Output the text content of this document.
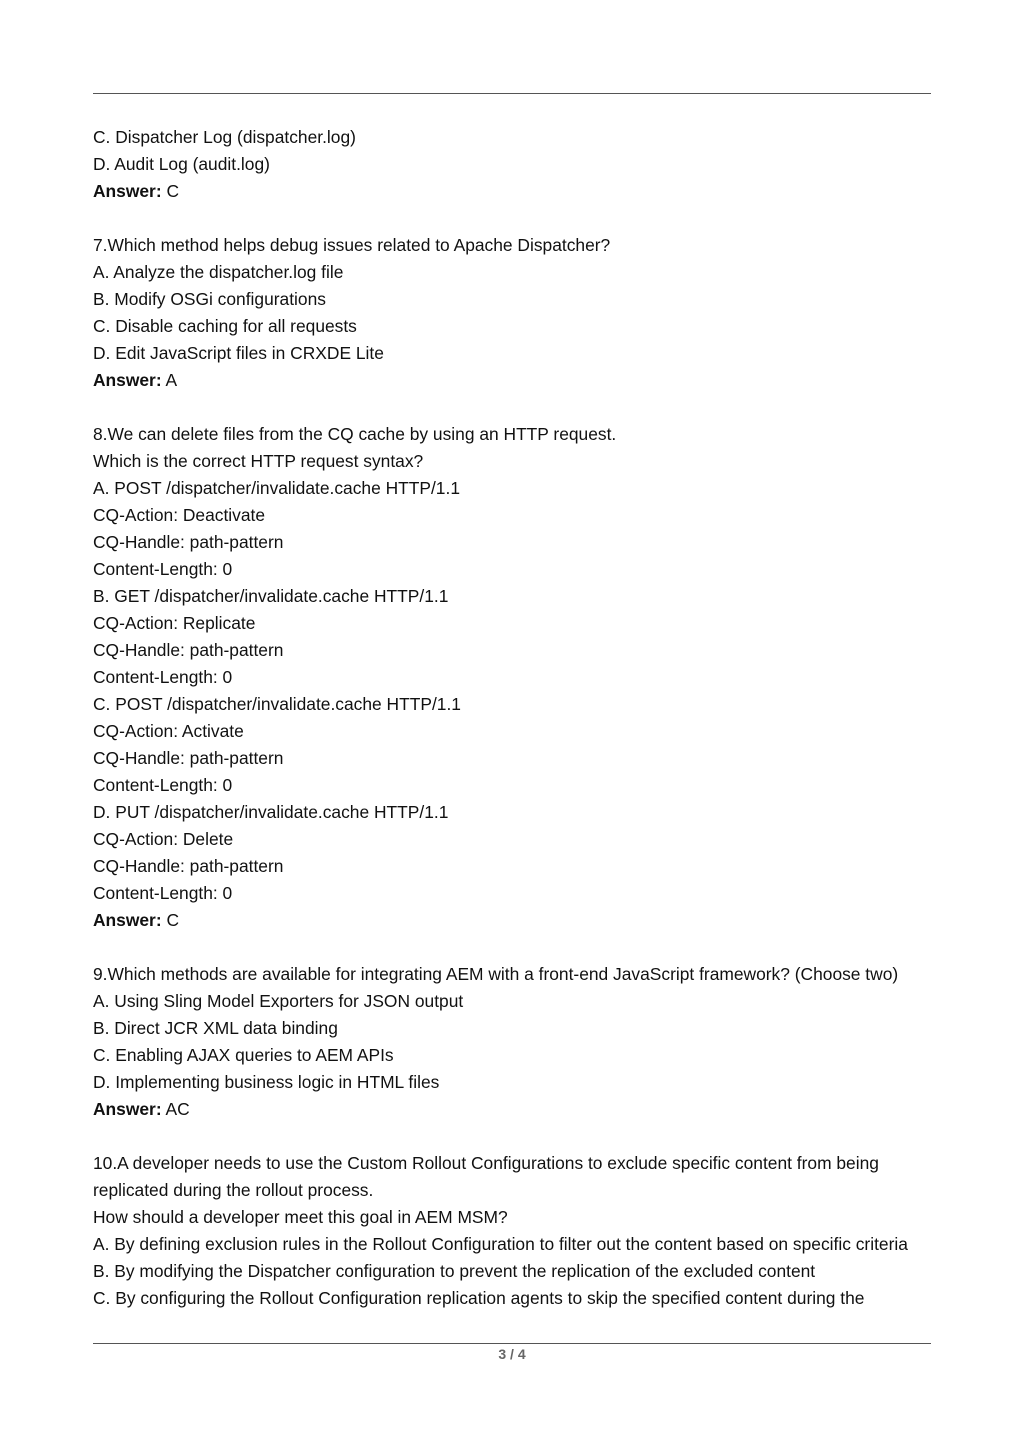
C. Dispatcher Log (dispatcher.log)
D. Audit Log (audit.log)
Answer: C
7.Which method helps debug issues related to Apache Dispatcher?
A. Analyze the dispatcher.log file
B. Modify OSGi configurations
C. Disable caching for all requests
D. Edit JavaScript files in CRXDE Lite
Answer: A
8.We can delete files from the CQ cache by using an HTTP request.
Which is the correct HTTP request syntax?
A. POST /dispatcher/invalidate.cache HTTP/1.1
CQ-Action: Deactivate
CQ-Handle: path-pattern
Content-Length: 0
B. GET /dispatcher/invalidate.cache HTTP/1.1
CQ-Action: Replicate
CQ-Handle: path-pattern
Content-Length: 0
C. POST /dispatcher/invalidate.cache HTTP/1.1
CQ-Action: Activate
CQ-Handle: path-pattern
Content-Length: 0
D. PUT /dispatcher/invalidate.cache HTTP/1.1
CQ-Action: Delete
CQ-Handle: path-pattern
Content-Length: 0
Answer: C
9.Which methods are available for integrating AEM with a front-end JavaScript framework? (Choose two)
A. Using Sling Model Exporters for JSON output
B. Direct JCR XML data binding
C. Enabling AJAX queries to AEM APIs
D. Implementing business logic in HTML files
Answer: AC
10.A developer needs to use the Custom Rollout Configurations to exclude specific content from being
replicated during the rollout process.
How should a developer meet this goal in AEM MSM?
A. By defining exclusion rules in the Rollout Configuration to filter out the content based on specific criteria
B. By modifying the Dispatcher configuration to prevent the replication of the excluded content
C. By configuring the Rollout Configuration replication agents to skip the specified content during the
3 / 4
